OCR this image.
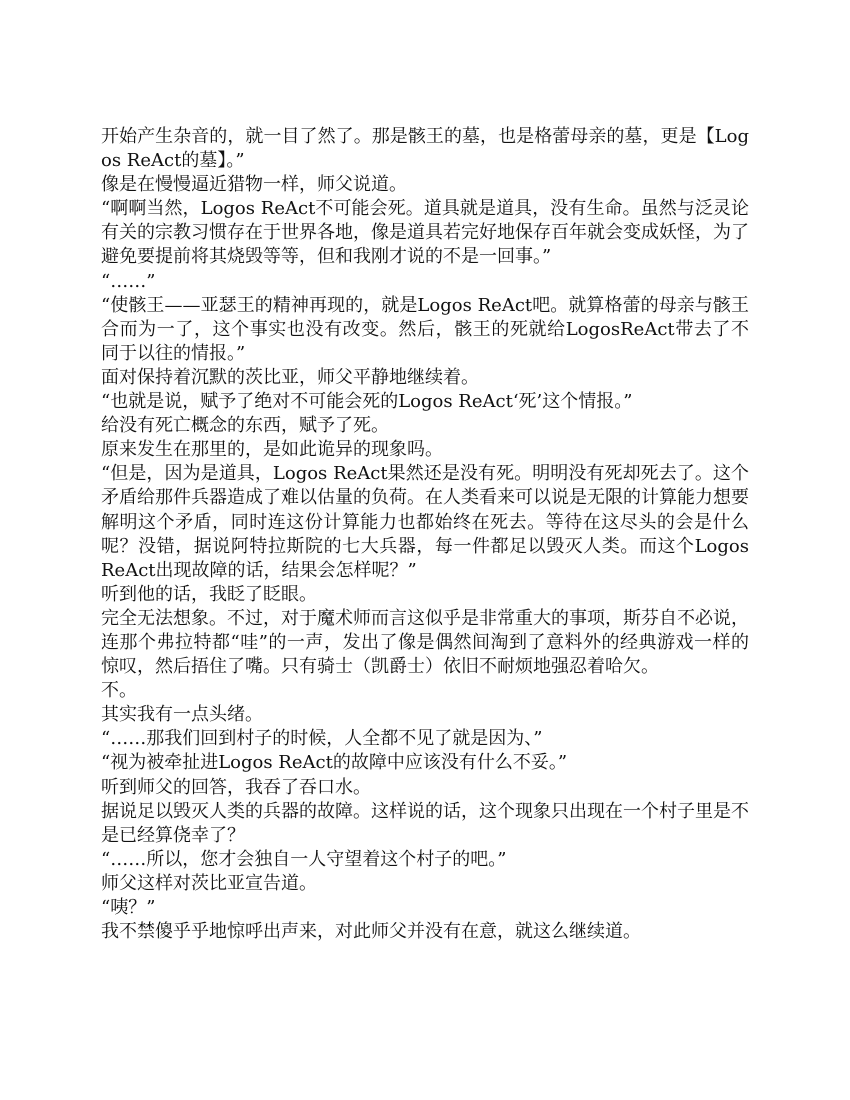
开始产生杂音的，就一目了然了。那是骸王的墓，也是格蕾母亲的墓，更是【Logos ReAct的墓】。”

像是在慢慢逼近猎物一样，师父说道。

“啊啊当然，Logos ReAct不可能会死。道具就是道具，没有生命。虽然与泛灵论有关的宗教习惯存在于世界各地，像是道具若完好地保存百年就会变成妖怪，为了避免要提前将其烧毁等等，但和我刚才说的不是一回事。”

“……”

“使骸王——亚瑟王的精神再现的，就是Logos ReAct吧。就算格蕾的母亲与骸王合而为一了，这个事实也没有改变。然后，骸王的死就给LogosReAct带去了不同于以往的情报。”

面对保持着沉默的茨比亚，师父平静地继续着。

“也就是说，赋予了绝对不可能会死的Logos ReAct‘死’这个情报。”

给没有死亡概念的东西，赋予了死。

原来发生在那里的，是如此诡异的现象吗。

“但是，因为是道具，Logos ReAct果然还是没有死。明明没有死却死去了。这个矛盾给那件兵器造成了难以估量的负荷。在人类看来可以说是无限的计算能力想要解明这个矛盾，同时连这份计算能力也都始终在死去。等待在这尽头的会是什么呢？没错，据说阿特拉斯院的七大兵器，每一件都足以毁灭人类。而这个Logos ReAct出现故障的话，结果会怎样呢？”

听到他的话，我眨了眨眼。

完全无法想象。不过，对于魔术师而言这似乎是非常重大的事项，斯芬自不必说，连那个弗拉特都“哇”的一声，发出了像是偶然间淘到了意料外的经典游戏一样的惊叹，然后捂住了嘴。只有骑士（凯爵士）依旧不耐烦地强忍着哈欠。

不。

其实我有一点头绪。

“……那我们回到村子的时候，人全都不见了就是因为、”

“视为被牵扯进Logos ReAct的故障中应该没有什么不妥。”

听到师父的回答，我吞了吞口水。

据说足以毁灭人类的兵器的故障。这样说的话，这个现象只出现在一个村子里是不是已经算侥幸了？

“……所以，您才会独自一人守望着这个村子的吧。”

师父这样对茨比亚宣告道。

“咦？”

我不禁傻乎乎地惊呼出声来，对此师父并没有在意，就这么继续道。
